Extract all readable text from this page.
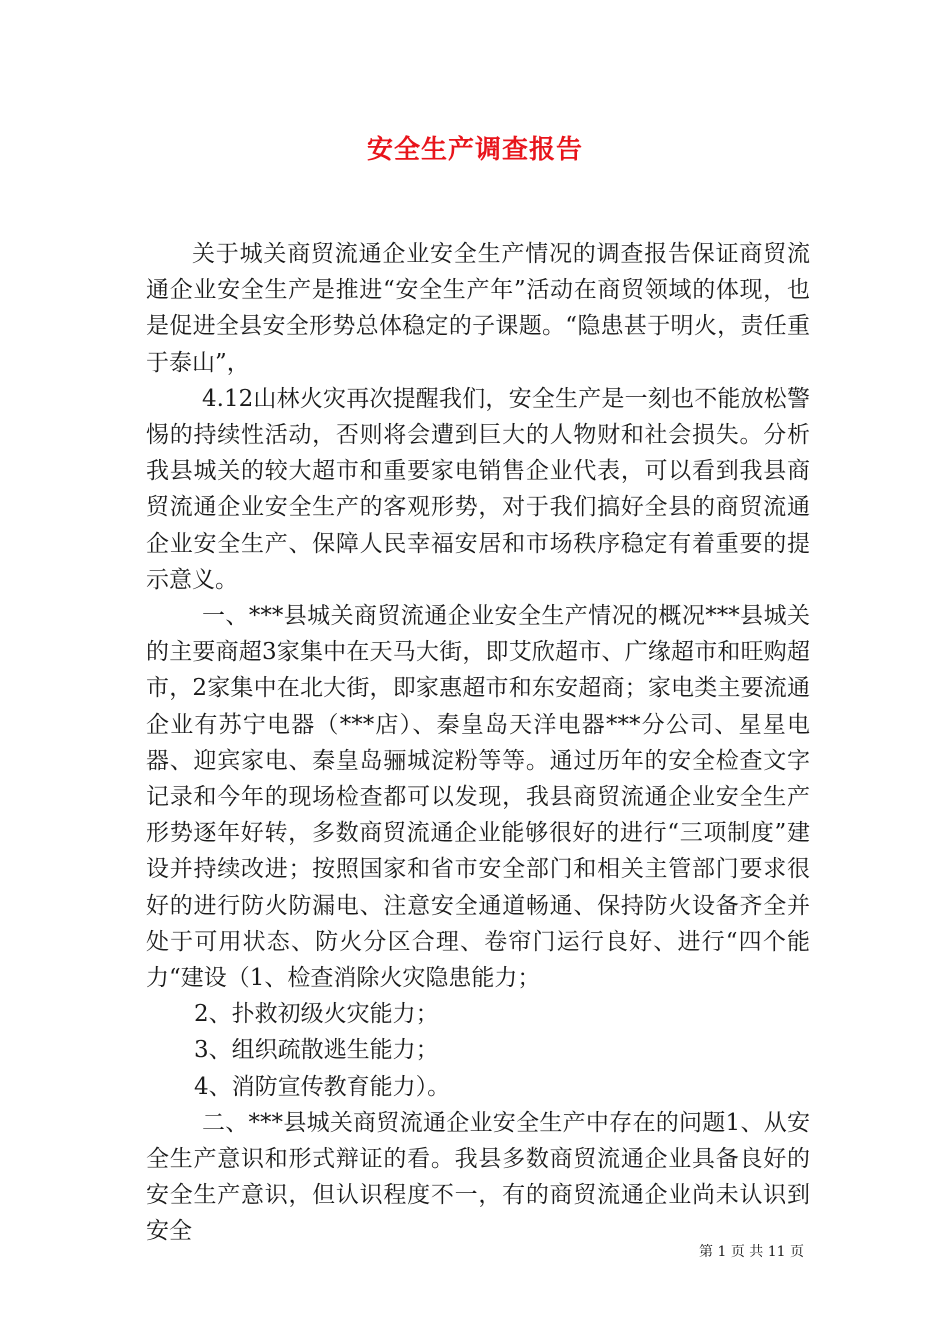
安全生产调查报告

关于城关商贸流通企业安全生产情况的调查报告保证商贸流通企业安全生产是推进“安全生产年”活动在商贸领域的体现，也是促进全县安全形势总体稳定的子课题。“隐患甚于明火，责任重于泰山”，

4.12山林火灾再次提醒我们，安全生产是一刻也不能放松警惕的持续性活动，否则将会遭到巨大的人物财和社会损失。分析我县城关的较大超市和重要家电销售企业代表，可以看到我县商贸流通企业安全生产的客观形势，对于我们搞好全县的商贸流通企业安全生产、保障人民幸福安居和市场秩序稳定有着重要的提示意义。

一、***县城关商贸流通企业安全生产情况的概况***县城关的主要商超3家集中在天马大街，即艾欣超市、广缘超市和旺购超市，2家集中在北大街，即家惠超市和东安超商；家电类主要流通企业有苏宁电器（***店）、秦皇岛天洋电器***分公司、星星电器、迎宾家电、秦皇岛骊城淀粉等等。通过历年的安全检查文字记录和今年的现场检查都可以发现，我县商贸流通企业安全生产形势逐年好转，多数商贸流通企业能够很好的进行“三项制度”建设并持续改进；按照国家和省市安全部门和相关主管部门要求很好的进行防火防漏电、注意安全通道畅通、保持防火设备齐全并处于可用状态、防火分区合理、卷帘门运行良好、进行“四个能力“建设（1、检查消除火灾隐患能力；

2、扑救初级火灾能力；

3、组织疏散逃生能力；

4、消防宣传教育能力）。

二、***县城关商贸流通企业安全生产中存在的问题1、从安全生产意识和形式辩证的看。我县多数商贸流通企业具备良好的安全生产意识，但认识程度不一，有的商贸流通企业尚未认识到安全

第 1 页 共 11 页
